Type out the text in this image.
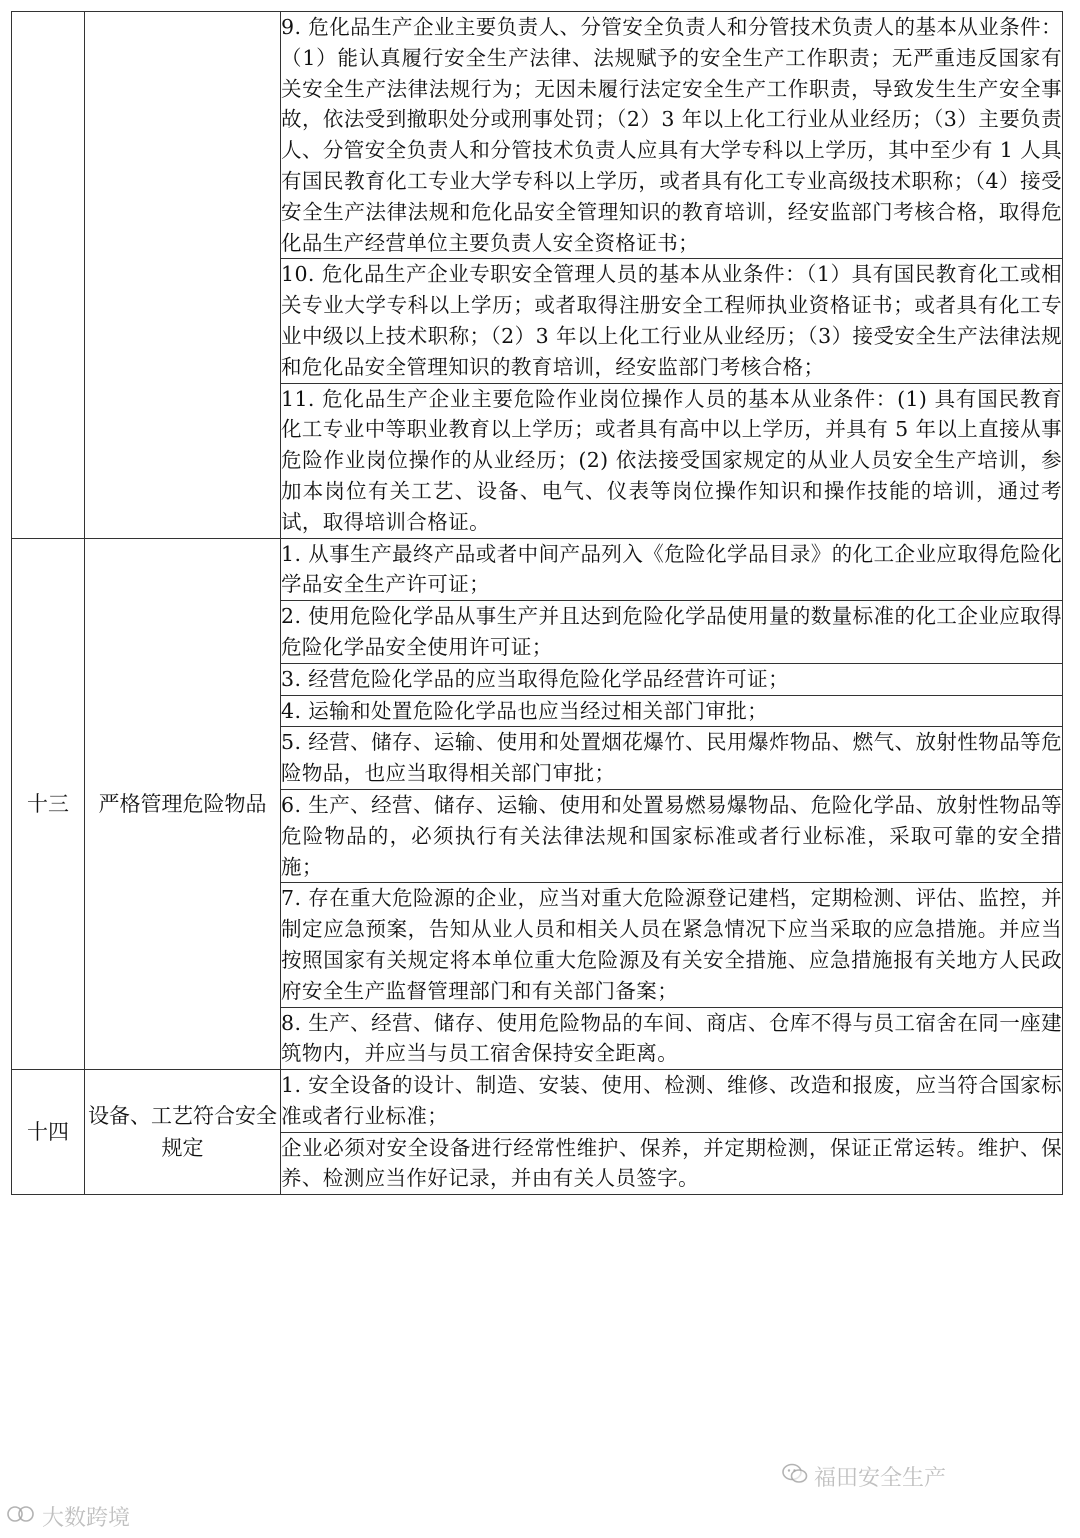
		9. 危化品生产企业主要负责人、分管安全负责人和分管技术负责人的基本从业条件：（1）能认真履行安全生产法律、法规赋予的安全生产工作职责；无严重违反国家有关安全生产法律法规行为；无因未履行法定安全生产工作职责，导致发生生产安全事故，依法受到撤职处分或刑事处罚；（2）3 年以上化工行业从业经历；（3）主要负责人、分管安全负责人和分管技术负责人应具有大学专科以上学历，其中至少有 1 人具有国民教育化工专业大学专科以上学历，或者具有化工专业高级技术职称；（4）接受安全生产法律法规和危化品安全管理知识的教育培训，经安监部门考核合格，取得危化品生产经营单位主要负责人安全资格证书；
		10. 危化品生产企业专职安全管理人员的基本从业条件：（1）具有国民教育化工或相关专业大学专科以上学历；或者取得注册安全工程师执业资格证书；或者具有化工专业中级以上技术职称；（2）3 年以上化工行业从业经历；（3）接受安全生产法律法规和危化品安全管理知识的教育培训，经安监部门考核合格；
		11. 危化品生产企业主要危险作业岗位操作人员的基本从业条件：(1) 具有国民教育化工专业中等职业教育以上学历；或者具有高中以上学历，并具有 5 年以上直接从事危险作业岗位操作的从业经历；(2) 依法接受国家规定的从业人员安全生产培训，参加本岗位有关工艺、设备、电气、仪表等岗位操作知识和操作技能的培训，通过考试，取得培训合格证。
十三	严格管理危险物品	1. 从事生产最终产品或者中间产品列入《危险化学品目录》的化工企业应取得危险化学品安全生产许可证；
		2. 使用危险化学品从事生产并且达到危险化学品使用量的数量标准的化工企业应取得危险化学品安全使用许可证；
		3. 经营危险化学品的应当取得危险化学品经营许可证；
		4. 运输和处置危险化学品也应当经过相关部门审批；
		5. 经营、储存、运输、使用和处置烟花爆竹、民用爆炸物品、燃气、放射性物品等危险物品，也应当取得相关部门审批；
		6. 生产、经营、储存、运输、使用和处置易燃易爆物品、危险化学品、放射性物品等危险物品的，必须执行有关法律法规和国家标准或者行业标准，采取可靠的安全措施；
		7. 存在重大危险源的企业，应当对重大危险源登记建档，定期检测、评估、监控，并制定应急预案，告知从业人员和相关人员在紧急情况下应当采取的应急措施。并应当按照国家有关规定将本单位重大危险源及有关安全措施、应急措施报有关地方人民政府安全生产监督管理部门和有关部门备案；
		8. 生产、经营、储存、使用危险物品的车间、商店、仓库不得与员工宿舍在同一座建筑物内，并应当与员工宿舍保持安全距离。
十四	设备、工艺符合安全规定	1. 安全设备的设计、制造、安装、使用、检测、维修、改造和报废，应当符合国家标准或者行业标准；
		企业必须对安全设备进行经常性维护、保养，并定期检测，保证正常运转。维护、保养、检测应当作好记录，并由有关人员签字。
福田安全生产
大数跨境
